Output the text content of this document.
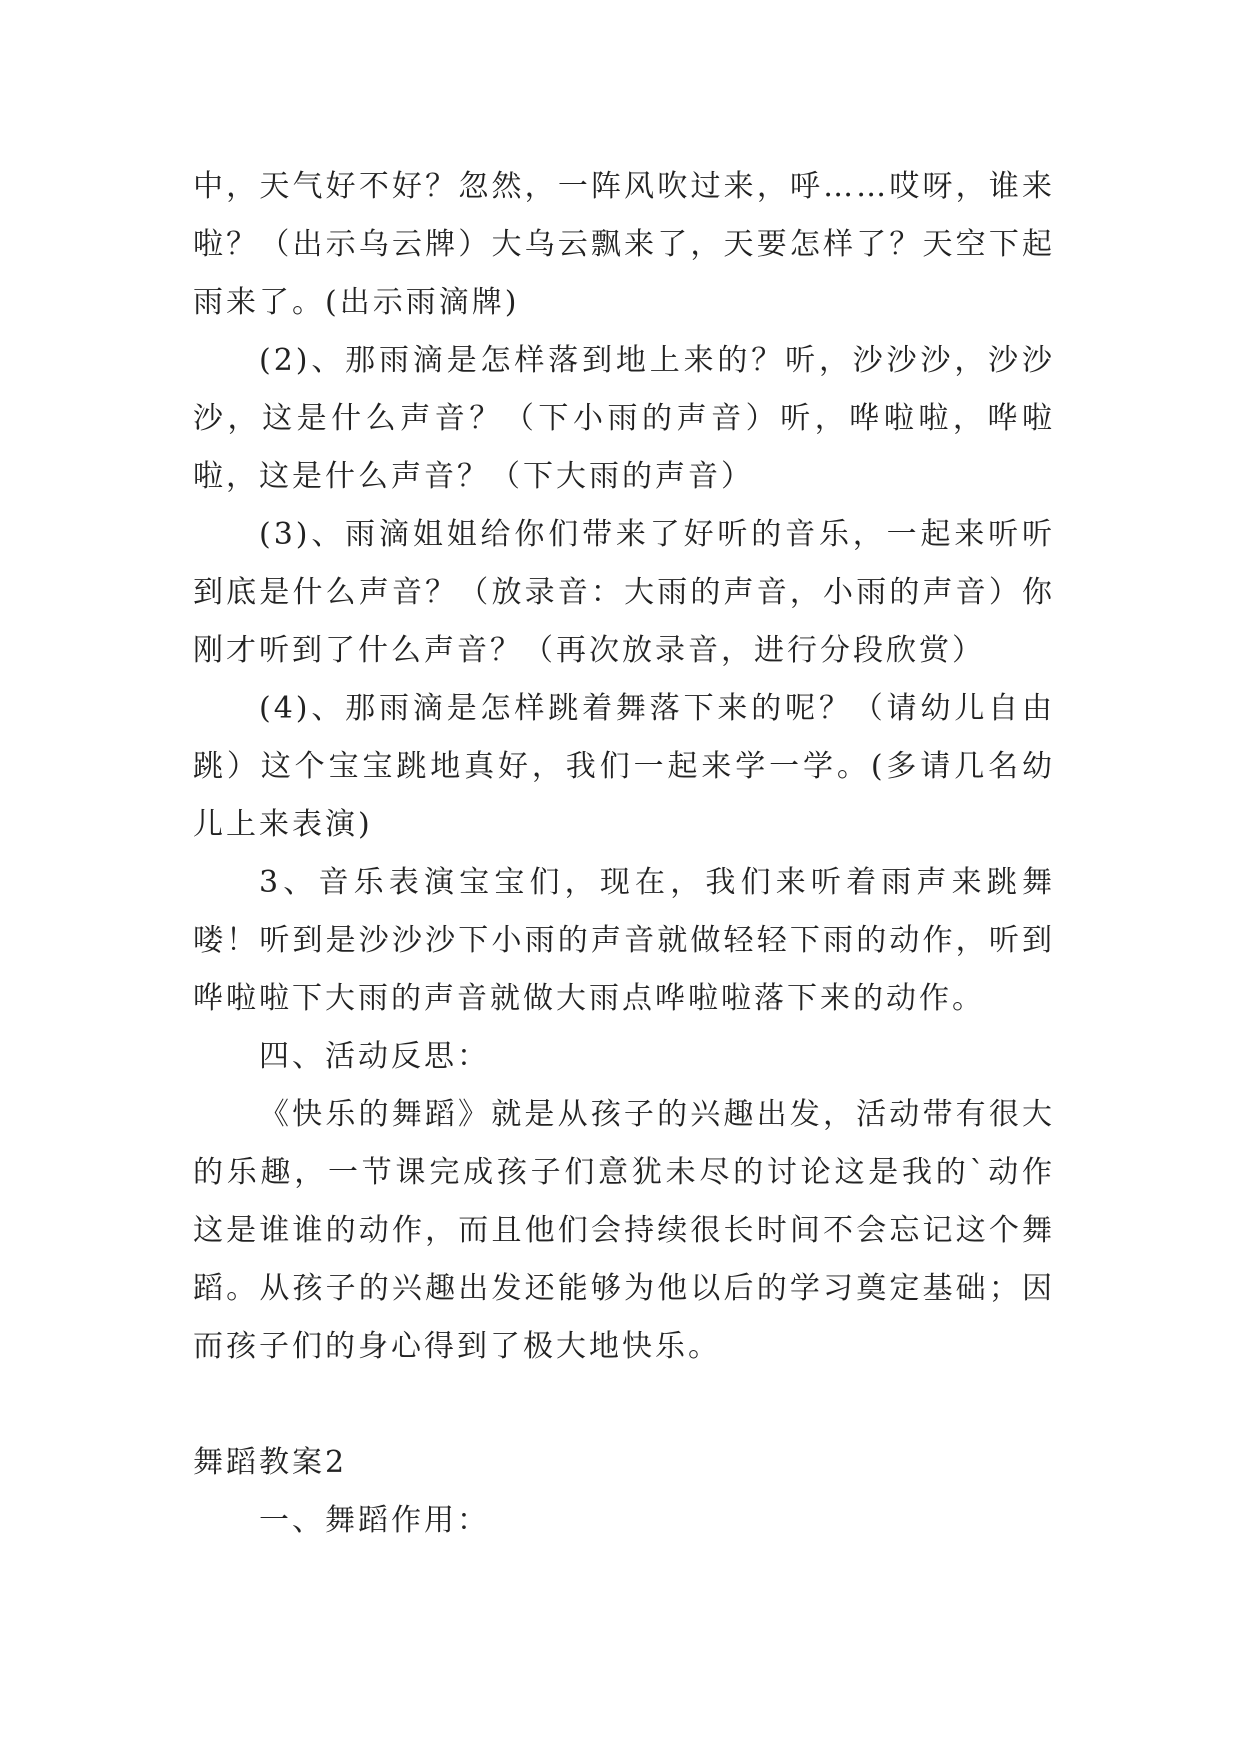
中，天气好不好？忽然，一阵风吹过来，呼……哎呀，谁来啦？（出示乌云牌）大乌云飘来了，天要怎样了？天空下起雨来了。(出示雨滴牌)

(2)、那雨滴是怎样落到地上来的？听，沙沙沙，沙沙沙，这是什么声音？（下小雨的声音）听，哗啦啦，哗啦啦，这是什么声音？（下大雨的声音）

(3)、雨滴姐姐给你们带来了好听的音乐，一起来听听到底是什么声音？（放录音：大雨的声音，小雨的声音）你刚才听到了什么声音？（再次放录音，进行分段欣赏）

(4)、那雨滴是怎样跳着舞落下来的呢？（请幼儿自由跳）这个宝宝跳地真好，我们一起来学一学。(多请几名幼儿上来表演)

3、音乐表演宝宝们，现在，我们来听着雨声来跳舞喽！听到是沙沙沙下小雨的声音就做轻轻下雨的动作，听到哗啦啦下大雨的声音就做大雨点哗啦啦落下来的动作。

四、活动反思：

《快乐的舞蹈》就是从孩子的兴趣出发，活动带有很大的乐趣，一节课完成孩子们意犹未尽的讨论这是我的`动作这是谁谁的动作，而且他们会持续很长时间不会忘记这个舞蹈。从孩子的兴趣出发还能够为他以后的学习奠定基础；因而孩子们的身心得到了极大地快乐。

舞蹈教案2

一、舞蹈作用：
